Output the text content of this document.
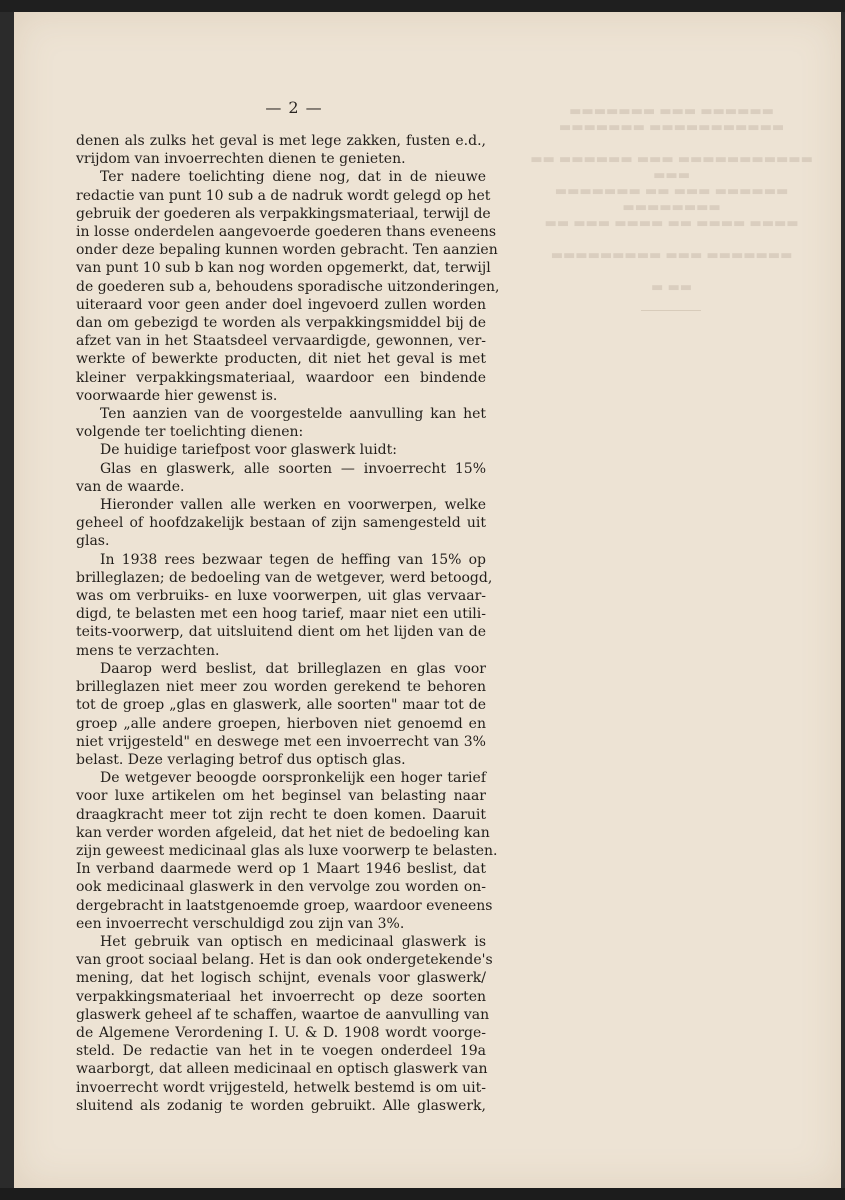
— 2 —	▬▬▬▬▬▬ ▬▬▬ ▬▬▬▬▬▬▬
▬▬▬▬▬▬▬▬▬▬▬ ▬▬▬▬▬▬▬
▬▬▬▬▬▬▬▬▬▬▬ ▬▬▬ ▬▬▬▬▬▬ ▬▬ ▬▬▬
▬▬▬▬▬▬ ▬▬▬ ▬▬ ▬▬▬▬▬▬▬ ▬▬▬▬▬▬▬▬
▬▬▬▬ ▬▬▬▬ ▬▬ ▬▬▬▬ ▬▬▬ ▬▬
▬▬▬▬▬▬▬ ▬▬▬ ▬▬▬▬▬▬▬▬▬
▬▬ ▬

denen als zulks het geval is met lege zakken, fusten e.d.,

vrijdom van invoerrechten dienen te genieten.

Ter nadere toelichting diene nog, dat in de nieuwe

redactie van punt 10 sub a de nadruk wordt gelegd op het

gebruik der goederen als verpakkingsmateriaal, terwijl de

in losse onderdelen aangevoerde goederen thans eveneens

onder deze bepaling kunnen worden gebracht. Ten aanzien

van punt 10 sub b kan nog worden opgemerkt, dat, terwijl

de goederen sub a, behoudens sporadische uitzonderingen,

uiteraard voor geen ander doel ingevoerd zullen worden

dan om gebezigd te worden als verpakkingsmiddel bij de

afzet van in het Staatsdeel vervaardigde, gewonnen, ver-

werkte of bewerkte producten, dit niet het geval is met

kleiner verpakkingsmateriaal, waardoor een bindende

voorwaarde hier gewenst is.

Ten aanzien van de voorgestelde aanvulling kan het

volgende ter toelichting dienen:

De huidige tariefpost voor glaswerk luidt:

Glas en glaswerk, alle soorten — invoerrecht 15%

van de waarde.

Hieronder vallen alle werken en voorwerpen, welke

geheel of hoofdzakelijk bestaan of zijn samengesteld uit

glas.

In 1938 rees bezwaar tegen de heffing van 15% op

brilleglazen; de bedoeling van de wetgever, werd betoogd,

was om verbruiks- en luxe voorwerpen, uit glas vervaar-

digd, te belasten met een hoog tarief, maar niet een utili-

teits-voorwerp, dat uitsluitend dient om het lijden van de

mens te verzachten.

Daarop werd beslist, dat brilleglazen en glas voor

brilleglazen niet meer zou worden gerekend te behoren

tot de groep „glas en glaswerk, alle soorten" maar tot de

groep „alle andere groepen, hierboven niet genoemd en

niet vrijgesteld" en deswege met een invoerrecht van 3%

belast. Deze verlaging betrof dus optisch glas.

De wetgever beoogde oorspronkelijk een hoger tarief

voor luxe artikelen om het beginsel van belasting naar

draagkracht meer tot zijn recht te doen komen. Daaruit

kan verder worden afgeleid, dat het niet de bedoeling kan

zijn geweest medicinaal glas als luxe voorwerp te belasten.

In verband daarmede werd op 1 Maart 1946 beslist, dat

ook medicinaal glaswerk in den vervolge zou worden on-

dergebracht in laatstgenoemde groep, waardoor eveneens

een invoerrecht verschuldigd zou zijn van 3%.

Het gebruik van optisch en medicinaal glaswerk is

van groot sociaal belang. Het is dan ook ondergetekende's

mening, dat het logisch schijnt, evenals voor glaswerk/

verpakkingsmateriaal het invoerrecht op deze soorten

glaswerk geheel af te schaffen, waartoe de aanvulling van

de Algemene Verordening I. U. & D. 1908 wordt voorge-

steld. De redactie van het in te voegen onderdeel 19a

waarborgt, dat alleen medicinaal en optisch glaswerk van

invoerrecht wordt vrijgesteld, hetwelk bestemd is om uit-

sluitend als zodanig te worden gebruikt. Alle glaswerk,
